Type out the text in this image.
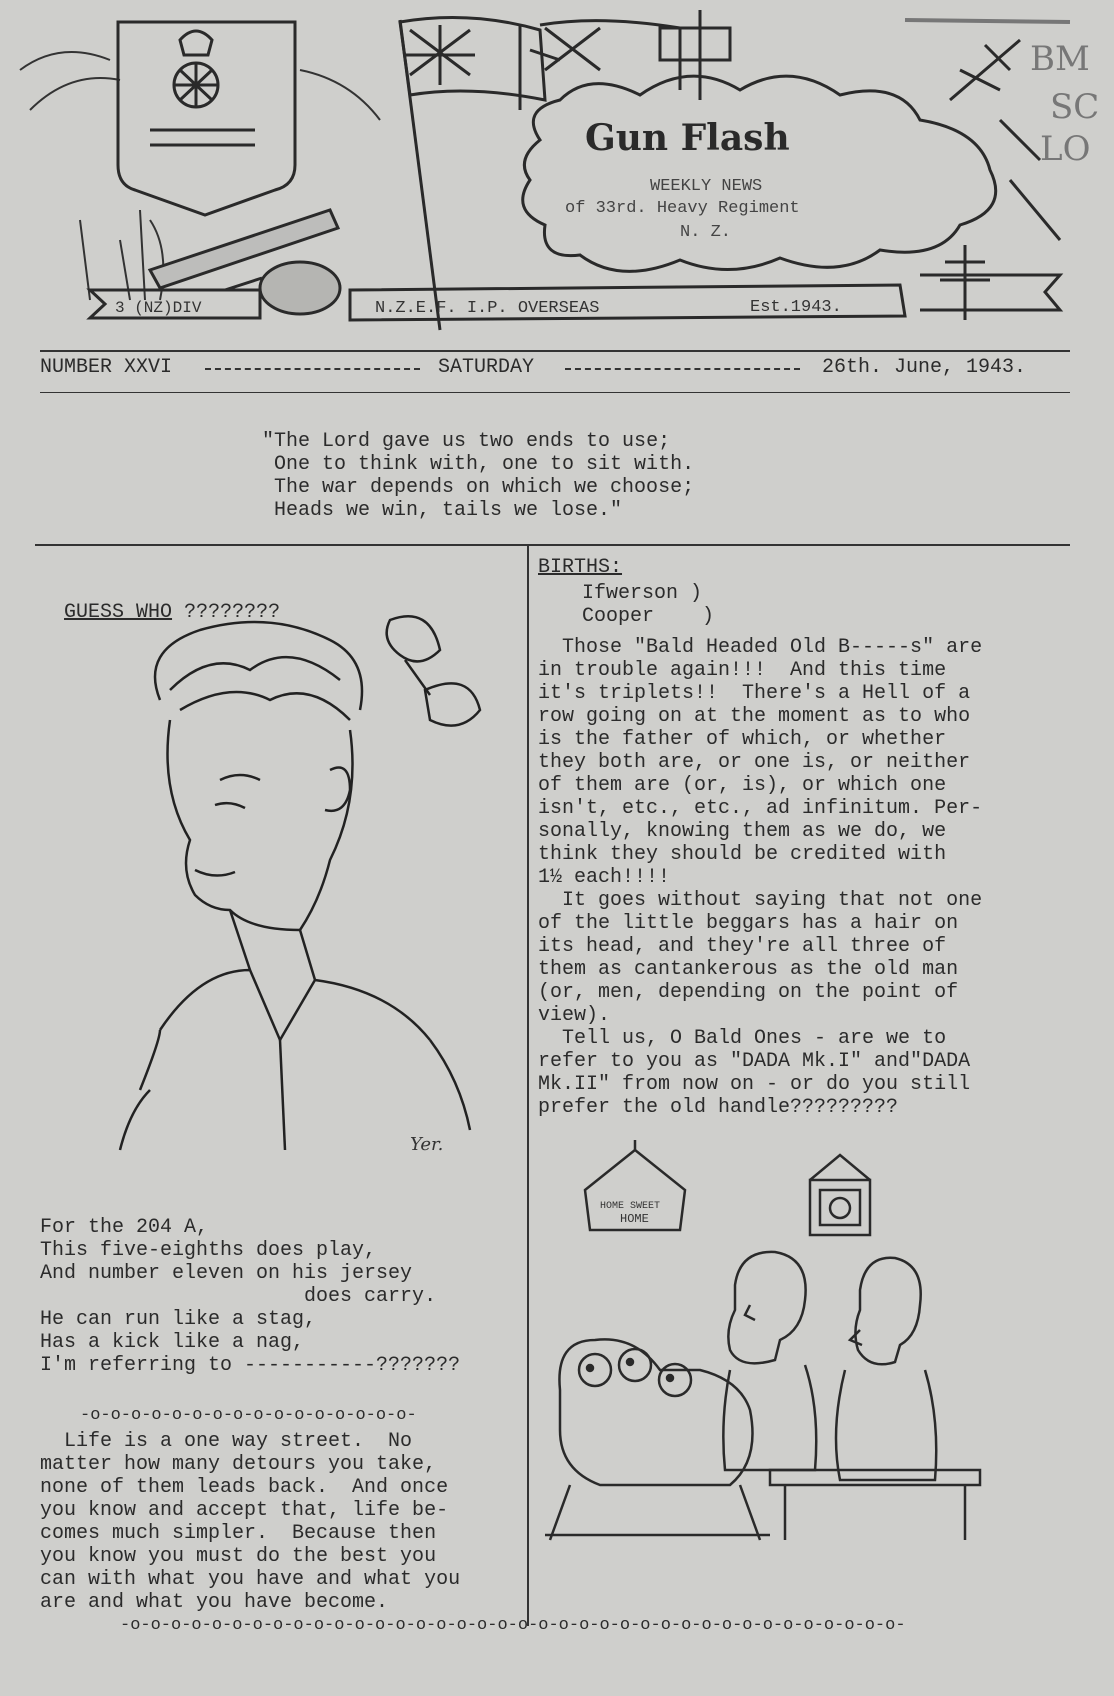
3 (NZ)DIV	N.Z.E.F. I.P. OVERSEAS	Est.1943.
Gun Flash
WEEKLY NEWS
of 33rd. Heavy Regiment
N. Z.
BM
SC
LO
NUMBER XXVI	SATURDAY	26th. June, 1943.
"The Lord gave us two ends to use;
One to think with, one to sit with.
The war depends on which we choose;
Heads we win, tails we lose."

GUESS WHO ????????

Yer.
For the 204 A,
This five-eighths does play,
And number eleven on his jersey
does carry.
He can run like a stag,
Has a kick like a nag,
I'm referring to -----------???????
-o-o-o-o-o-o-o-o-o-o-o-o-o-o-o-o-
Life is a one way street.  No
matter how many detours you take,
none of them leads back.  And once
you know and accept that, life be-
comes much simpler.  Because then
you know you must do the best you
can with what you have and what you
are and what you have become.
BIRTHS:
Ifwerson )
Cooper    )
Those "Bald Headed Old B-----s" are
in trouble again!!!  And this time
it's triplets!!  There's a Hell of a
row going on at the moment as to who
is the father of which, or whether
they both are, or one is, or neither
of them are (or, is), or which one
isn't, etc., etc., ad infinitum. Per-
sonally, knowing them as we do, we
think they should be credited with
1½ each!!!!
It goes without saying that not one
of the little beggars has a hair on
its head, and they're all three of
them as cantankerous as the old man
(or, men, depending on the point of
view).
Tell us, O Bald Ones - are we to
refer to you as "DADA Mk.I" and"DADA
Mk.II" from now on - or do you still
prefer the old handle?????????
HOME SWEET
HOME
-o-o-o-o-o-o-o-o-o-o-o-o-o-o-o-o-o-o-o-o-o-o-o-o-o-o-o-o-o-o-o-o-o-o-o-o-o-o-
